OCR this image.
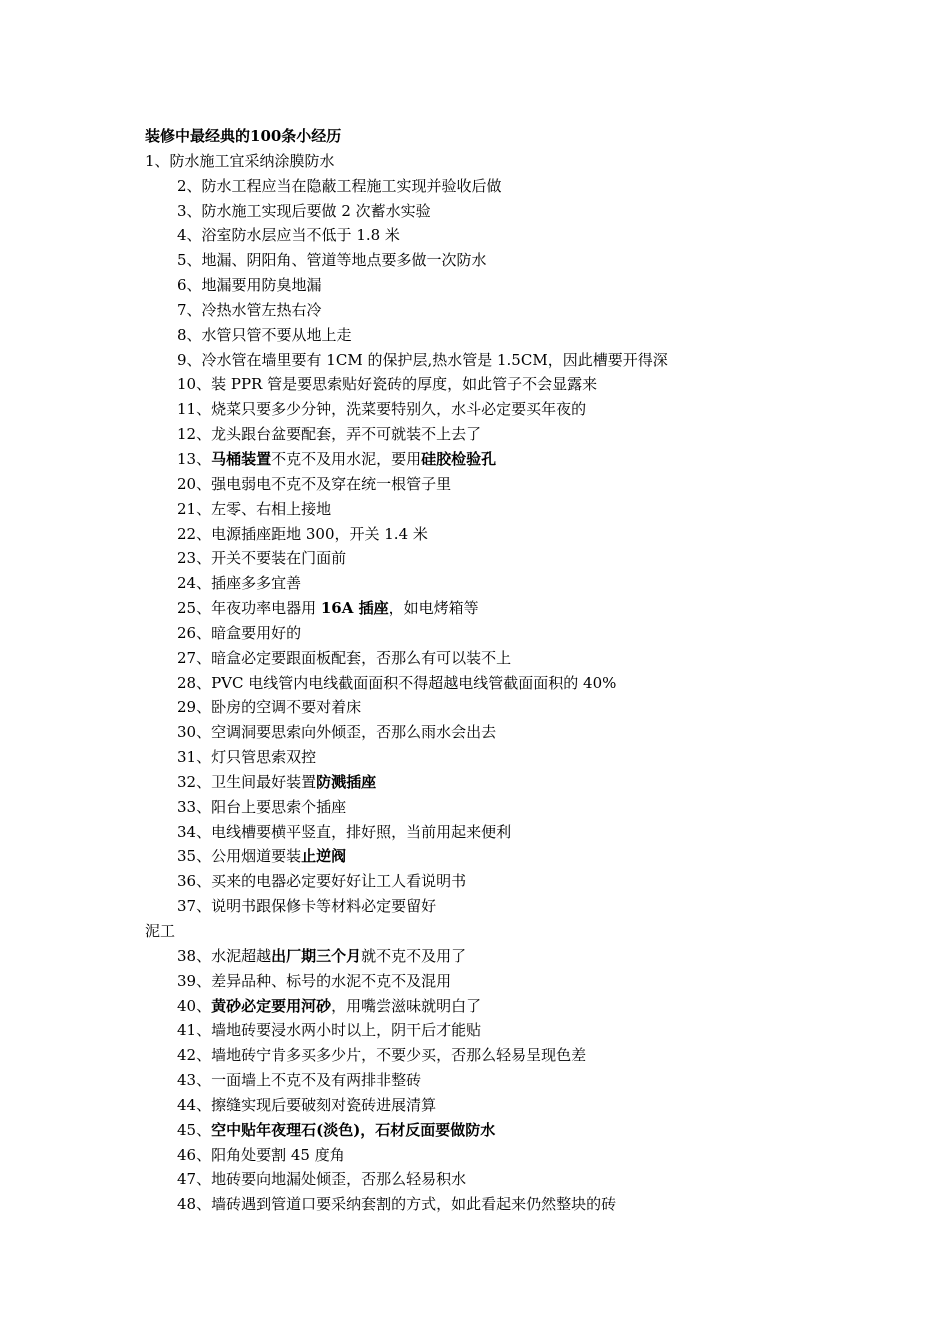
装修中最经典的100条小经历
1、防水施工宜采纳涂膜防水
2、防水工程应当在隐蔽工程施工实现并验收后做
3、防水施工实现后要做 2 次蓄水实验
4、浴室防水层应当不低于 1.8 米
5、地漏、阴阳角、管道等地点要多做一次防水
6、地漏要用防臭地漏
7、冷热水管左热右冷
8、水管只管不要从地上走
9、冷水管在墙里要有 1CM 的保护层,热水管是 1.5CM，因此槽要开得深
10、装 PPR 管是要思索贴好瓷砖的厚度，如此管子不会显露来
11、烧菜只要多少分钟，洗菜要特别久，水斗必定要买年夜的
12、龙头跟台盆要配套，弄不可就装不上去了
13、马桶装置不克不及用水泥，要用硅胶检验孔
20、强电弱电不克不及穿在统一根管子里
21、左零、右相上接地
22、电源插座距地 300，开关 1.4 米
23、开关不要装在门面前
24、插座多多宜善
25、年夜功率电器用 16A 插座，如电烤箱等
26、暗盒要用好的
27、暗盒必定要跟面板配套，否那么有可以装不上
28、PVC 电线管内电线截面面积不得超越电线管截面面积的 40%
29、卧房的空调不要对着床
30、空调洞要思索向外倾歪，否那么雨水会出去
31、灯只管思索双控
32、卫生间最好装置防溅插座
33、阳台上要思索个插座
34、电线槽要横平竖直，排好照，当前用起来便利
35、公用烟道要装止逆阀
36、买来的电器必定要好好让工人看说明书
37、说明书跟保修卡等材料必定要留好
泥工
38、水泥超越出厂期三个月就不克不及用了
39、差异品种、标号的水泥不克不及混用
40、黄砂必定要用河砂，用嘴尝滋味就明白了
41、墙地砖要浸水两小时以上，阴干后才能贴
42、墙地砖宁肯多买多少片，不要少买，否那么轻易呈现色差
43、一面墙上不克不及有两排非整砖
44、擦缝实现后要破刻对瓷砖进展清算
45、空中贴年夜理石(淡色)，石材反面要做防水
46、阳角处要割 45 度角
47、地砖要向地漏处倾歪，否那么轻易积水
48、墙砖遇到管道口要采纳套割的方式，如此看起来仍然整块的砖
